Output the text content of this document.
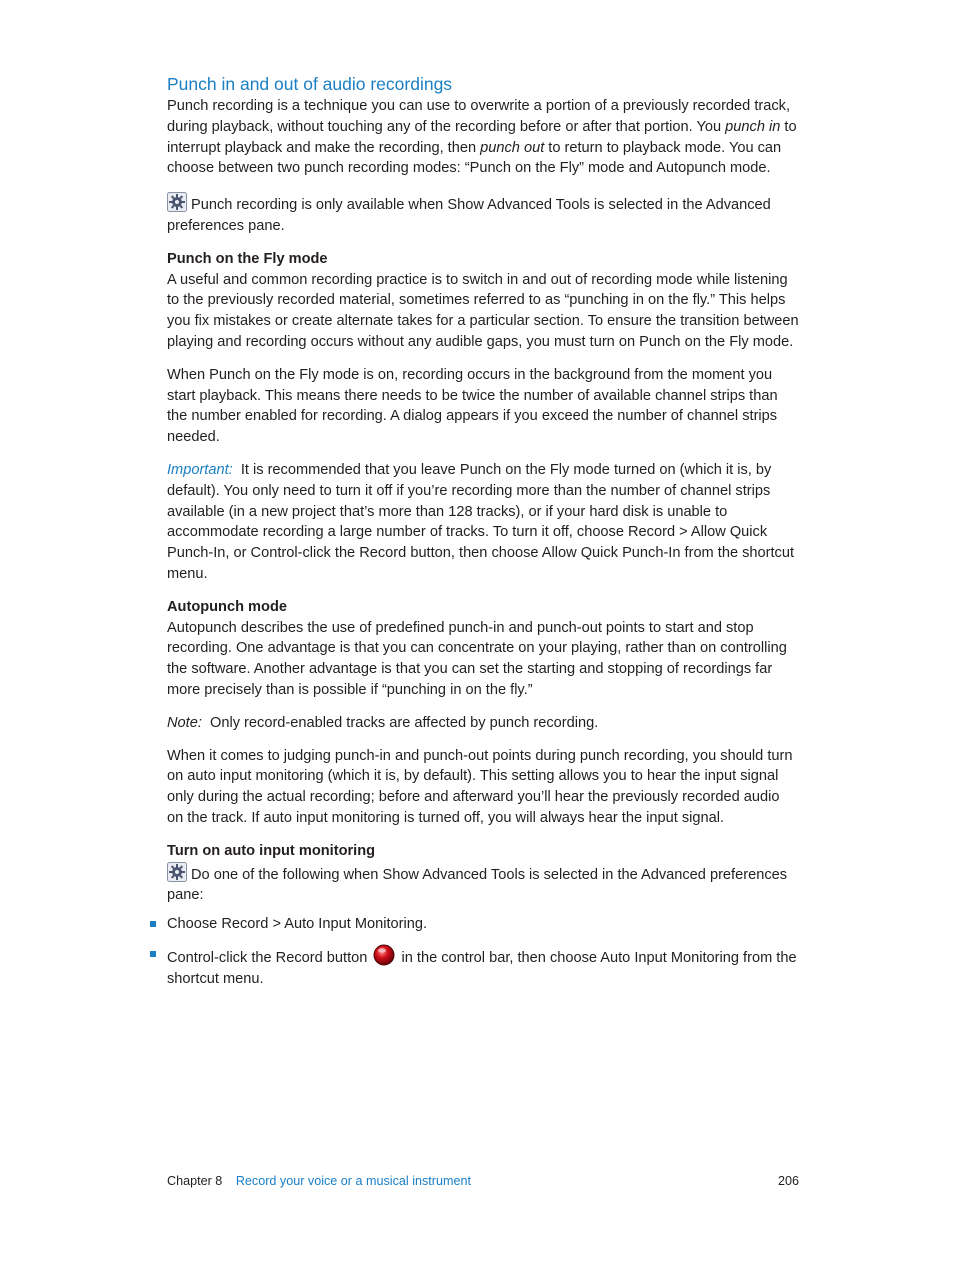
Punch in and out of audio recordings

Punch recording is a technique you can use to overwrite a portion of a previously recorded track, during playback, without touching any of the recording before or after that portion. You punch in to interrupt playback and make the recording, then punch out to return to playback mode. You can choose between two punch recording modes: “Punch on the Fly” mode and Autopunch mode.

Punch recording is only available when Show Advanced Tools is selected in the Advanced preferences pane.

Punch on the Fly mode

A useful and common recording practice is to switch in and out of recording mode while listening to the previously recorded material, sometimes referred to as “punching in on the fly.” This helps you fix mistakes or create alternate takes for a particular section. To ensure the transition between playing and recording occurs without any audible gaps, you must turn on Punch on the Fly mode.

When Punch on the Fly mode is on, recording occurs in the background from the moment you start playback. This means there needs to be twice the number of available channel strips than the number enabled for recording. A dialog appears if you exceed the number of channel strips needed.

Important: It is recommended that you leave Punch on the Fly mode turned on (which it is, by default). You only need to turn it off if you’re recording more than the number of channel strips available (in a new project that’s more than 128 tracks), or if your hard disk is unable to accommodate recording a large number of tracks. To turn it off, choose Record > Allow Quick Punch-In, or Control-click the Record button, then choose Allow Quick Punch-In from the shortcut menu.

Autopunch mode

Autopunch describes the use of predefined punch-in and punch-out points to start and stop recording. One advantage is that you can concentrate on your playing, rather than on controlling the software. Another advantage is that you can set the starting and stopping of recordings far more precisely than is possible if “punching in on the fly.”

Note: Only record-enabled tracks are affected by punch recording.

When it comes to judging punch-in and punch-out points during punch recording, you should turn on auto input monitoring (which it is, by default). This setting allows you to hear the input signal only during the actual recording; before and afterward you’ll hear the previously recorded audio on the track. If auto input monitoring is turned off, you will always hear the input signal.

Turn on auto input monitoring

Do one of the following when Show Advanced Tools is selected in the Advanced preferences pane:

Choose Record > Auto Input Monitoring.

Control-click the Record button in the control bar, then choose Auto Input Monitoring from the shortcut menu.

Chapter 8 Record your voice or a musical instrument	206
